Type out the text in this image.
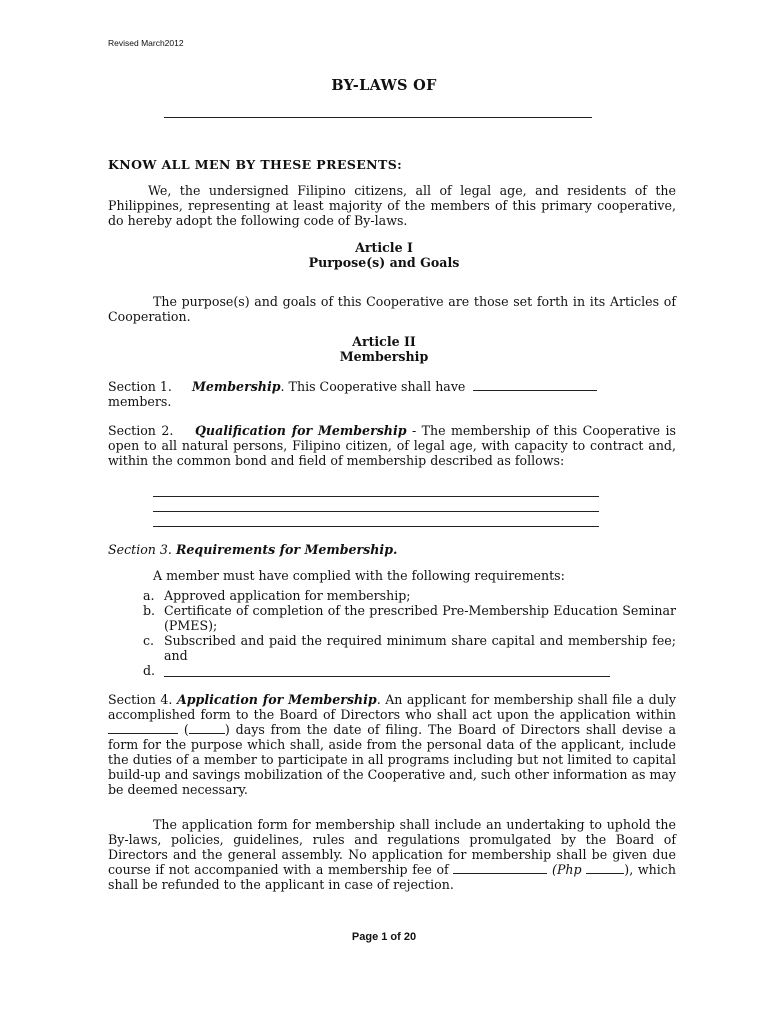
Revised March2012
BY-LAWS OF
KNOW ALL MEN BY THESE PRESENTS:
We, the undersigned Filipino citizens, all of legal age, and residents of the Philippines, representing at least majority of the members of this primary cooperative, do hereby adopt the following code of By-laws.
Article I
Purpose(s) and Goals
The purpose(s) and goals of this Cooperative are those set forth in its Articles of Cooperation.
Article II
Membership
Section 1. Membership. This Cooperative shall have
members.
Section 2. Qualification for Membership - The membership of this Cooperative is open to all natural persons, Filipino citizen, of legal age, with capacity to contract and, within the common bond and field of membership described as follows:
Section 3. Requirements for Membership.
A member must have complied with the following requirements:
a. Approved application for membership;
b. Certificate of completion of the prescribed Pre-Membership Education Seminar (PMES);
c. Subscribed and paid the required minimum share capital and membership fee; and
d.
Section 4. Application for Membership. An applicant for membership shall file a duly accomplished form to the Board of Directors who shall act upon the application within  (	) days from the date of filing. The Board of Directors shall devise a form for the purpose which shall, aside from the personal data of the applicant, include the duties of a member to participate in all programs including but not limited to capital build-up and savings mobilization of the Cooperative and, such other information as may be deemed necessary.
The application form for membership shall include an undertaking to uphold the By-laws, policies, guidelines, rules and regulations promulgated by the Board of Directors and the general assembly. No application for membership shall be given due course if not accompanied with a membership fee of	(Php	), which shall be refunded to the applicant in case of rejection.
Page 1 of 20
